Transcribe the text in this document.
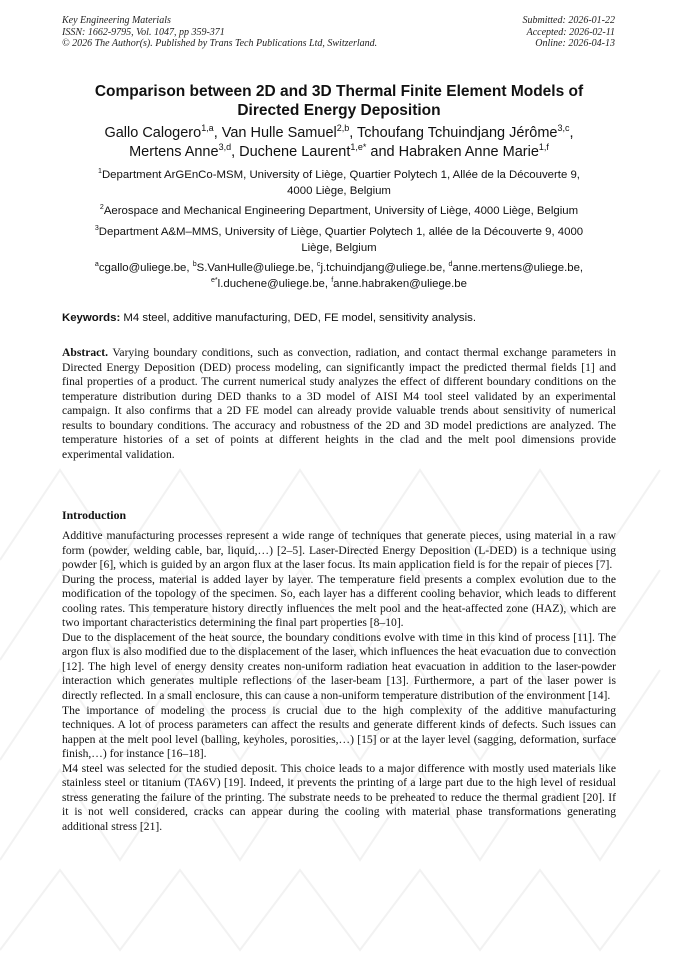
Key Engineering Materials
ISSN: 1662-9795, Vol. 1047, pp 359-371
© 2026 The Author(s). Published by Trans Tech Publications Ltd, Switzerland.
Submitted: 2026-01-22
Accepted: 2026-02-11
Online: 2026-04-13
Comparison between 2D and 3D Thermal Finite Element Models of
Directed Energy Deposition
Gallo Calogero$^{1,a}$, Van Hulle Samuel$^{2,b}$, Tchoufang Tchuindjang Jérôme$^{3,c}$,
Mertens Anne$^{3,d}$, Duchene Laurent$^{1,e*}$ and Habraken Anne Marie$^{1,f}$
$^1$Department ArGEnCo-MSM, University of Liège, Quartier Polytech 1, Allée de la Découverte 9,
4000 Liège, Belgium
$^2$Aerospace and Mechanical Engineering Department, University of Liège, 4000 Liège, Belgium
$^3$Department A&M–MMS, University of Liège, Quartier Polytech 1, allée de la Découverte 9, 4000
Liège, Belgium
$^a$cgallo@uliege.be, $^b$S.VanHulle@uliege.be, $^c$j.tchuindjang@uliege.be, $^d$anne.mertens@uliege.be,
$^{e*}$l.duchene@uliege.be, $^f$anne.habraken@uliege.be
Keywords: M4 steel, additive manufacturing, DED, FE model, sensitivity analysis.

Abstract. Varying boundary conditions, such as convection, radiation, and contact thermal exchange parameters in Directed Energy Deposition (DED) process modeling, can significantly impact the predicted thermal fields [1] and final properties of a product. The current numerical study analyzes the effect of different boundary conditions on the temperature distribution during DED thanks to a 3D model of AISI M4 tool steel validated by an experimental campaign. It also confirms that a 2D FE model can already provide valuable trends about sensitivity of numerical results to boundary conditions. The accuracy and robustness of the 2D and 3D model predictions are analyzed. The temperature histories of a set of points at different heights in the clad and the melt pool dimensions provide experimental validation.

Introduction

Additive manufacturing processes represent a wide range of techniques that generate pieces, using material in a raw form (powder, welding cable, bar, liquid,…) [2–5]. Laser-Directed Energy Deposition (L-DED) is a technique using powder [6], which is guided by an argon flux at the laser focus. Its main application field is for the repair of pieces [7].

During the process, material is added layer by layer. The temperature field presents a complex evolution due to the modification of the topology of the specimen. So, each layer has a different cooling behavior, which leads to different cooling rates. This temperature history directly influences the melt pool and the heat-affected zone (HAZ), which are two important characteristics determining the final part properties [8–10].

Due to the displacement of the heat source, the boundary conditions evolve with time in this kind of process [11]. The argon flux is also modified due to the displacement of the laser, which influences the heat evacuation due to convection [12]. The high level of energy density creates non-uniform radiation heat evacuation in addition to the laser-powder interaction which generates multiple reflections of the laser-beam [13]. Furthermore, a part of the laser power is directly reflected. In a small enclosure, this can cause a non-uniform temperature distribution of the environment [14].

The importance of modeling the process is crucial due to the high complexity of the additive manufacturing techniques. A lot of process parameters can affect the results and generate different kinds of defects. Such issues can happen at the melt pool level (balling, keyholes, porosities,…) [15] or at the layer level (sagging, deformation, surface finish,…) for instance [16–18].

M4 steel was selected for the studied deposit. This choice leads to a major difference with mostly used materials like stainless steel or titanium (TA6V) [19]. Indeed, it prevents the printing of a large part due to the high level of residual stress generating the failure of the printing. The substrate needs to be preheated to reduce the thermal gradient [20]. If it is not well considered, cracks can appear during the cooling with material phase transformations generating additional stress [21].
